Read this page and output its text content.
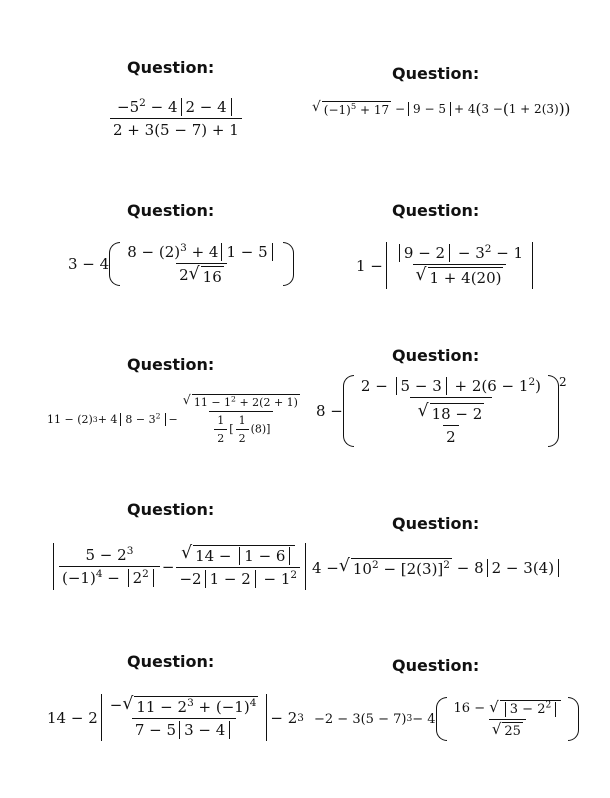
Question:	Question:
Question:	Question:
Question:	Question:
Question:
Question:
Question:	Question:
$\frac{-5^2 - 4 2 - 4}{2 + 3(5 - 7) + 1}$	√ $(-1)^5 + 17 - 9 - 5 + 4$ ( 3 − ( 1 + 2(3) ) )
$3 - 4 \frac{8 - (2)^3 + 4 1 - 5}{2 √ 16}$	$1 - \frac{9 - 2 - 3^2 - 1}{√ 1 + 4(20)}$
11 − (2) 3 + 4 $8 - 3^2 - \frac{√ 11 - 1^2 + 2(2 + 1)}{\frac{1}{2} [ \frac{1}{2} (8)]} 8 - \frac{2 - 5 - 3 + 2(6 - 1^2)}{\frac{√ 18 - 2}{2}} 2$
$\frac{5 - 2^3}{(-1)^4 - 2^2} - \frac{√ 14 - 1 - 6}{-2 1 - 2 - 1^2} 4$ − √ $10^2 - [2(3)]^2 - 8$ 2 − 3(4)
$14 - 2 \frac{- √ 11 - 2^3 + (-1)^4}{7 - 5 3 - 4} - 2$ 3 −2 − 3(5 − 7) $3 - 4 \frac{16 - √ 3 - 2^2}{√ 25}$
